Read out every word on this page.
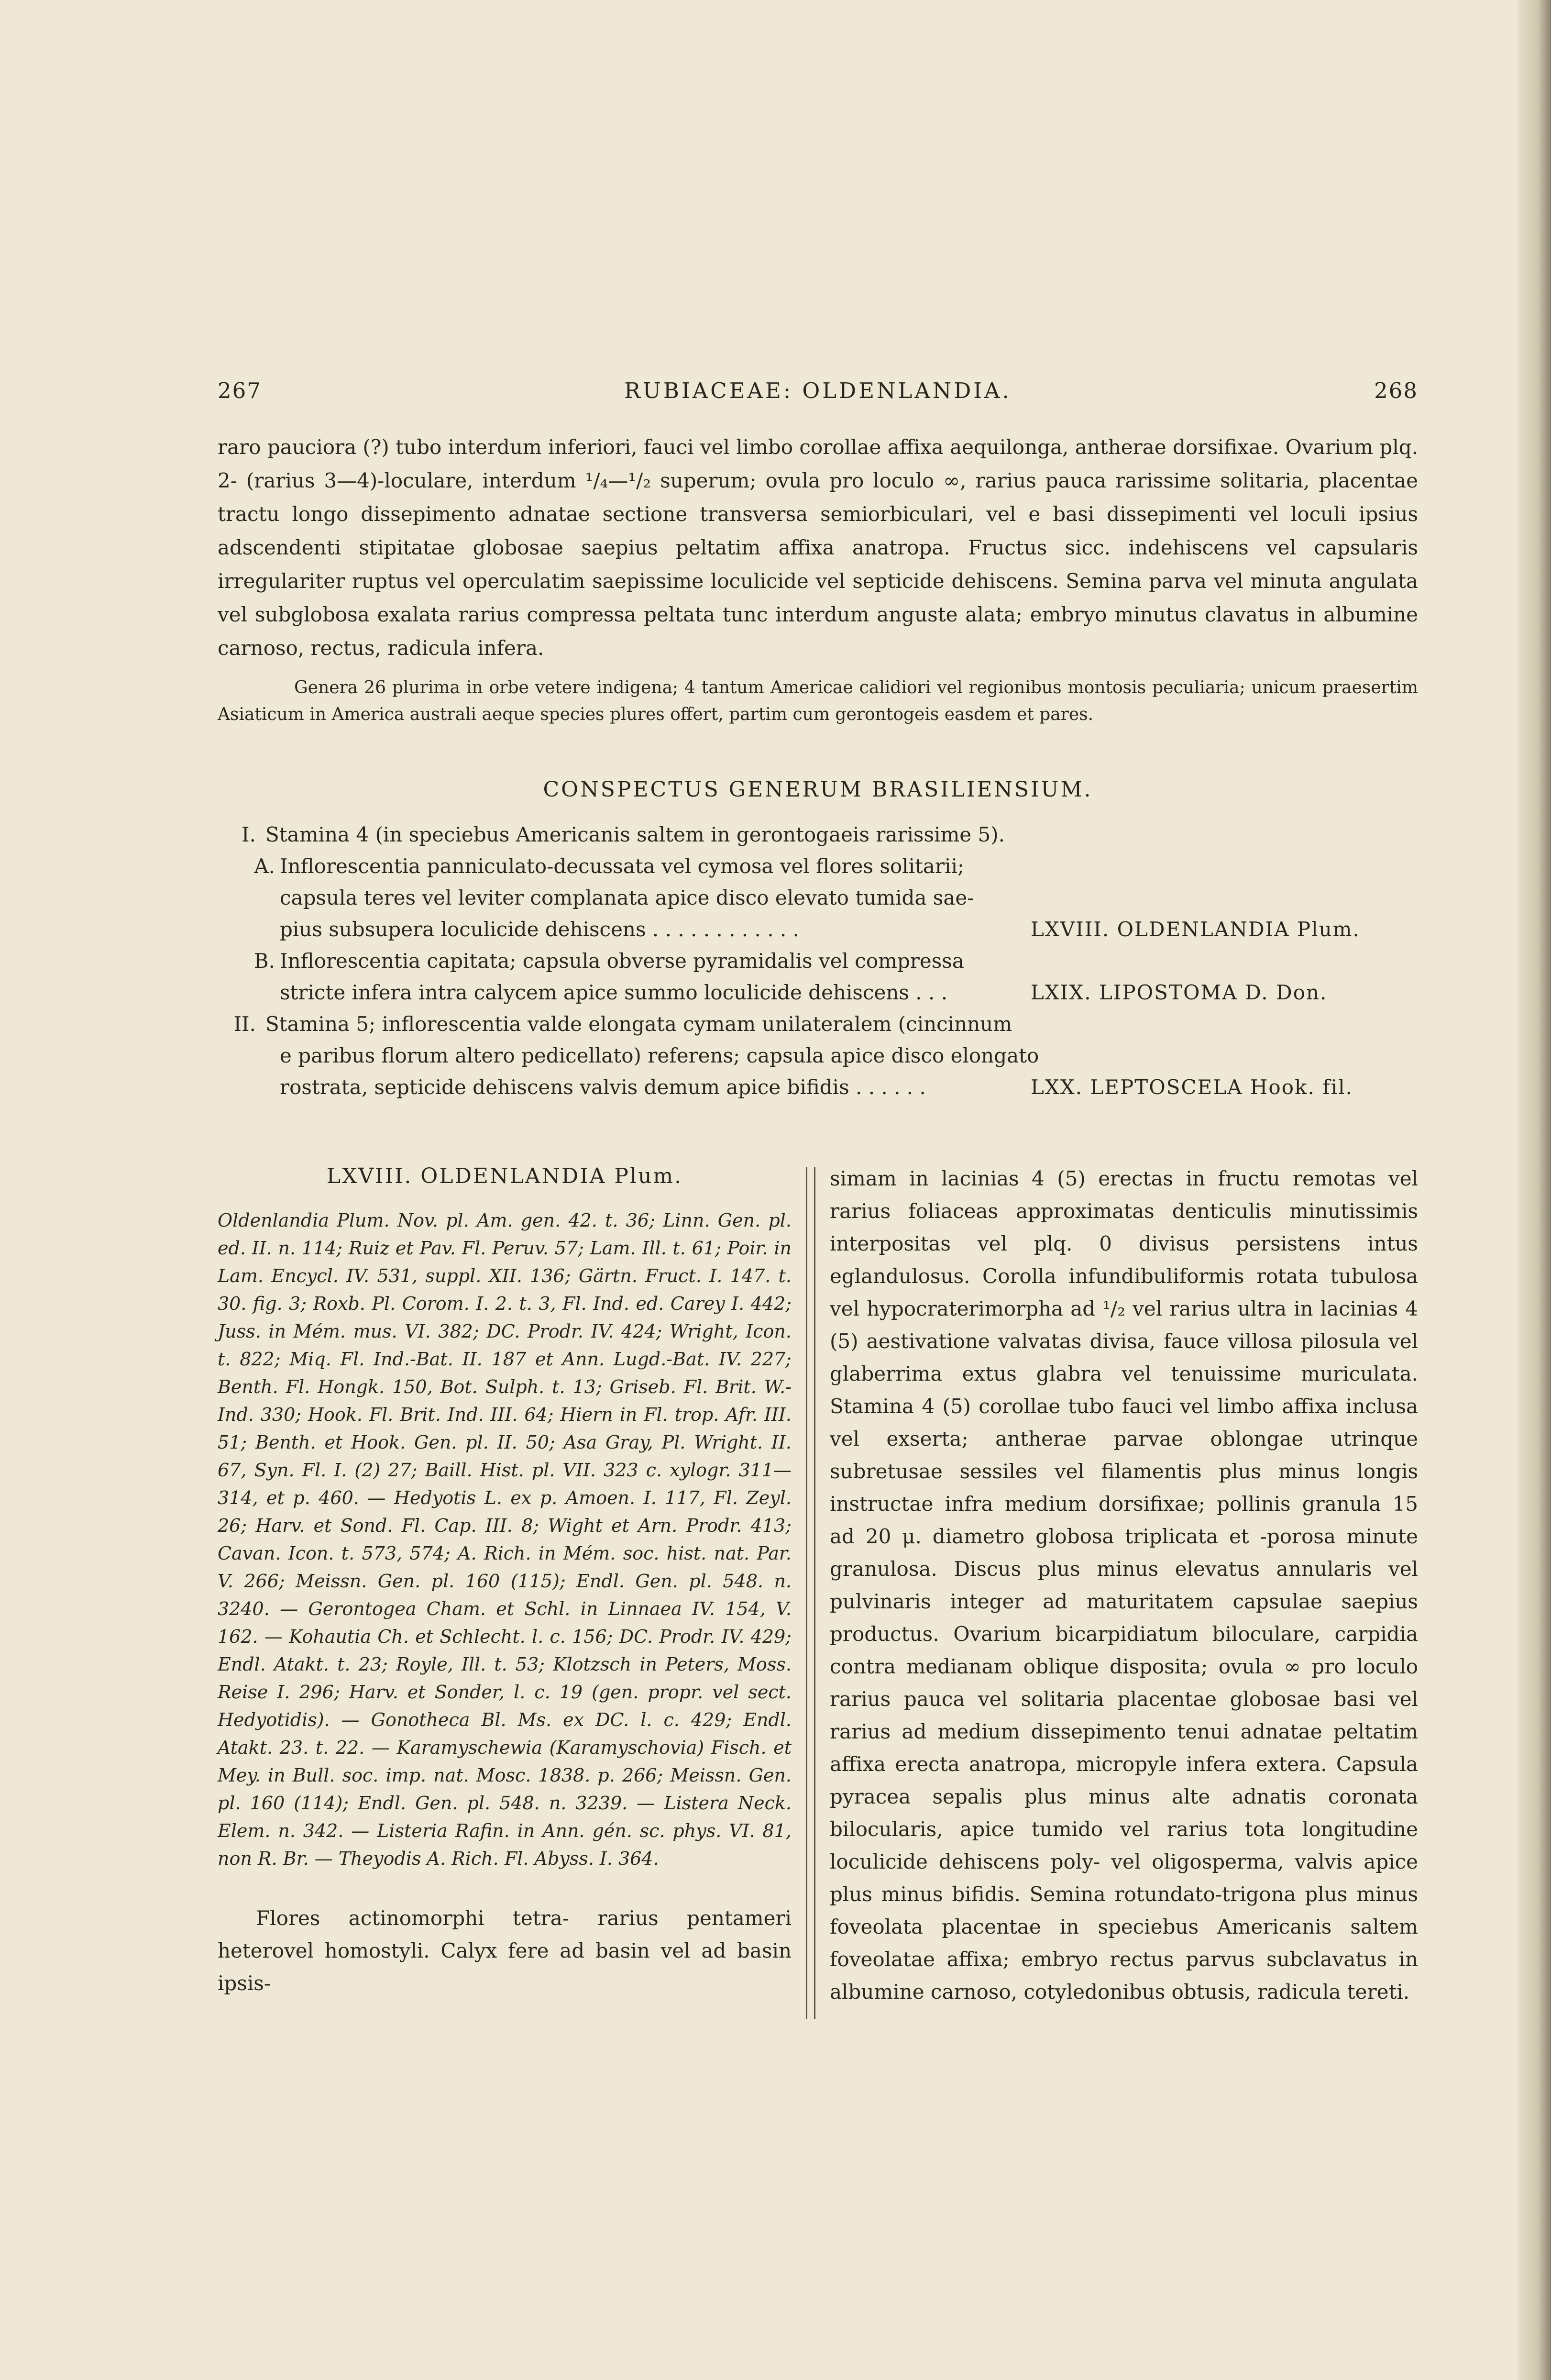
267	RUBIACEAE: OLDENLANDIA.	268

raro pauciora (?) tubo interdum inferiori, fauci vel limbo corollae affixa aequilonga, antherae dorsifixae. Ovarium plq. 2- (rarius 3—4)-loculare, interdum ¹/₄—¹/₂ superum; ovula pro loculo ∞, rarius pauca rarissime solitaria, placentae tractu longo dissepimento adnatae sectione transversa semiorbiculari, vel e basi dissepimenti vel loculi ipsius adscendenti stipitatae globosae saepius peltatim affixa anatropa. Fructus sicc. indehiscens vel capsularis irregulariter ruptus vel operculatim saepissime loculicide vel septicide dehiscens. Semina parva vel minuta angulata vel subglobosa exalata rarius compressa peltata tunc interdum anguste alata; embryo minutus clavatus in albumine carnoso, rectus, radicula infera.

Genera 26 plurima in orbe vetere indigena; 4 tantum Americae calidiori vel regionibus montosis peculiaria; unicum praesertim Asiaticum in America australi aeque species plures offert, partim cum gerontogeis easdem et pares.

CONSPECTUS GENERUM BRASILIENSIUM.
I. Stamina 4 (in speciebus Americanis saltem in gerontogaeis rarissime 5).
A. Inflorescentia panniculato-decussata vel cymosa vel flores solitarii;
capsula teres vel leviter complanata apice disco elevato tumida sae-
pius subsupera loculicide dehiscens . . . . . . . . . . . .	LXVIII. OLDENLANDIA Plum.
B. Inflorescentia capitata; capsula obverse pyramidalis vel compressa
stricte infera intra calycem apice summo loculicide dehiscens . . .	LXIX. LIPOSTOMA D. Don.
II. Stamina 5; inflorescentia valde elongata cymam unilateralem (cincinnum
e paribus florum altero pedicellato) referens; capsula apice disco elongato
rostrata, septicide dehiscens valvis demum apice bifidis . . . . . .	LXX. LEPTOSCELA Hook. fil.
LXVIII. OLDENLANDIA Plum.
Oldenlandia Plum. Nov. pl. Am. gen. 42. t. 36; Linn. Gen. pl. ed. II. n. 114; Ruiz et Pav. Fl. Peruv. 57; Lam. Ill. t. 61; Poir. in Lam. Encycl. IV. 531, suppl. XII. 136; Gärtn. Fruct. I. 147. t. 30. fig. 3; Roxb. Pl. Corom. I. 2. t. 3, Fl. Ind. ed. Carey I. 442; Juss. in Mém. mus. VI. 382; DC. Prodr. IV. 424; Wright, Icon. t. 822; Miq. Fl. Ind.-Bat. II. 187 et Ann. Lugd.-Bat. IV. 227; Benth. Fl. Hongk. 150, Bot. Sulph. t. 13; Griseb. Fl. Brit. W.-Ind. 330; Hook. Fl. Brit. Ind. III. 64; Hiern in Fl. trop. Afr. III. 51; Benth. et Hook. Gen. pl. II. 50; Asa Gray, Pl. Wright. II. 67, Syn. Fl. I. (2) 27; Baill. Hist. pl. VII. 323 c. xylogr. 311—314, et p. 460. — Hedyotis L. ex p. Amoen. I. 117, Fl. Zeyl. 26; Harv. et Sond. Fl. Cap. III. 8; Wight et Arn. Prodr. 413; Cavan. Icon. t. 573, 574; A. Rich. in Mém. soc. hist. nat. Par. V. 266; Meissn. Gen. pl. 160 (115); Endl. Gen. pl. 548. n. 3240. — Gerontogea Cham. et Schl. in Linnaea IV. 154, V. 162. — Kohautia Ch. et Schlecht. l. c. 156; DC. Prodr. IV. 429; Endl. Atakt. t. 23; Royle, Ill. t. 53; Klotzsch in Peters, Moss. Reise I. 296; Harv. et Sonder, l. c. 19 (gen. propr. vel sect. Hedyotidis). — Gonotheca Bl. Ms. ex DC. l. c. 429; Endl. Atakt. 23. t. 22. — Karamyschewia (Karamyschovia) Fisch. et Mey. in Bull. soc. imp. nat. Mosc. 1838. p. 266; Meissn. Gen. pl. 160 (114); Endl. Gen. pl. 548. n. 3239. — Listera Neck. Elem. n. 342. — Listeria Rafin. in Ann. gén. sc. phys. VI. 81, non R. Br. — Theyodis A. Rich. Fl. Abyss. I. 364.
Flores actinomorphi tetra- rarius pentameri heterovel homostyli. Calyx fere ad basin vel ad basin ipsis-
simam in lacinias 4 (5) erectas in fructu remotas vel rarius foliaceas approximatas denticulis minutissimis interpositas vel plq. 0 divisus persistens intus eglandulosus. Corolla infundibuliformis rotata tubulosa vel hypocraterimorpha ad ¹/₂ vel rarius ultra in lacinias 4 (5) aestivatione valvatas divisa, fauce villosa pilosula vel glaberrima extus glabra vel tenuissime muriculata. Stamina 4 (5) corollae tubo fauci vel limbo affixa inclusa vel exserta; antherae parvae oblongae utrinque subretusae sessiles vel filamentis plus minus longis instructae infra medium dorsifixae; pollinis granula 15 ad 20 μ. diametro globosa triplicata et -porosa minute granulosa. Discus plus minus elevatus annularis vel pulvinaris integer ad maturitatem capsulae saepius productus. Ovarium bicarpidiatum biloculare, carpidia contra medianam oblique disposita; ovula ∞ pro loculo rarius pauca vel solitaria placentae globosae basi vel rarius ad medium dissepimento tenui adnatae peltatim affixa erecta anatropa, micropyle infera extera. Capsula pyracea sepalis plus minus alte adnatis coronata bilocularis, apice tumido vel rarius tota longitudine loculicide dehiscens poly- vel oligosperma, valvis apice plus minus bifidis. Semina rotundato-trigona plus minus foveolata placentae in speciebus Americanis saltem foveolatae affixa; embryo rectus parvus subclavatus in albumine carnoso, cotyledonibus obtusis, radicula tereti.
